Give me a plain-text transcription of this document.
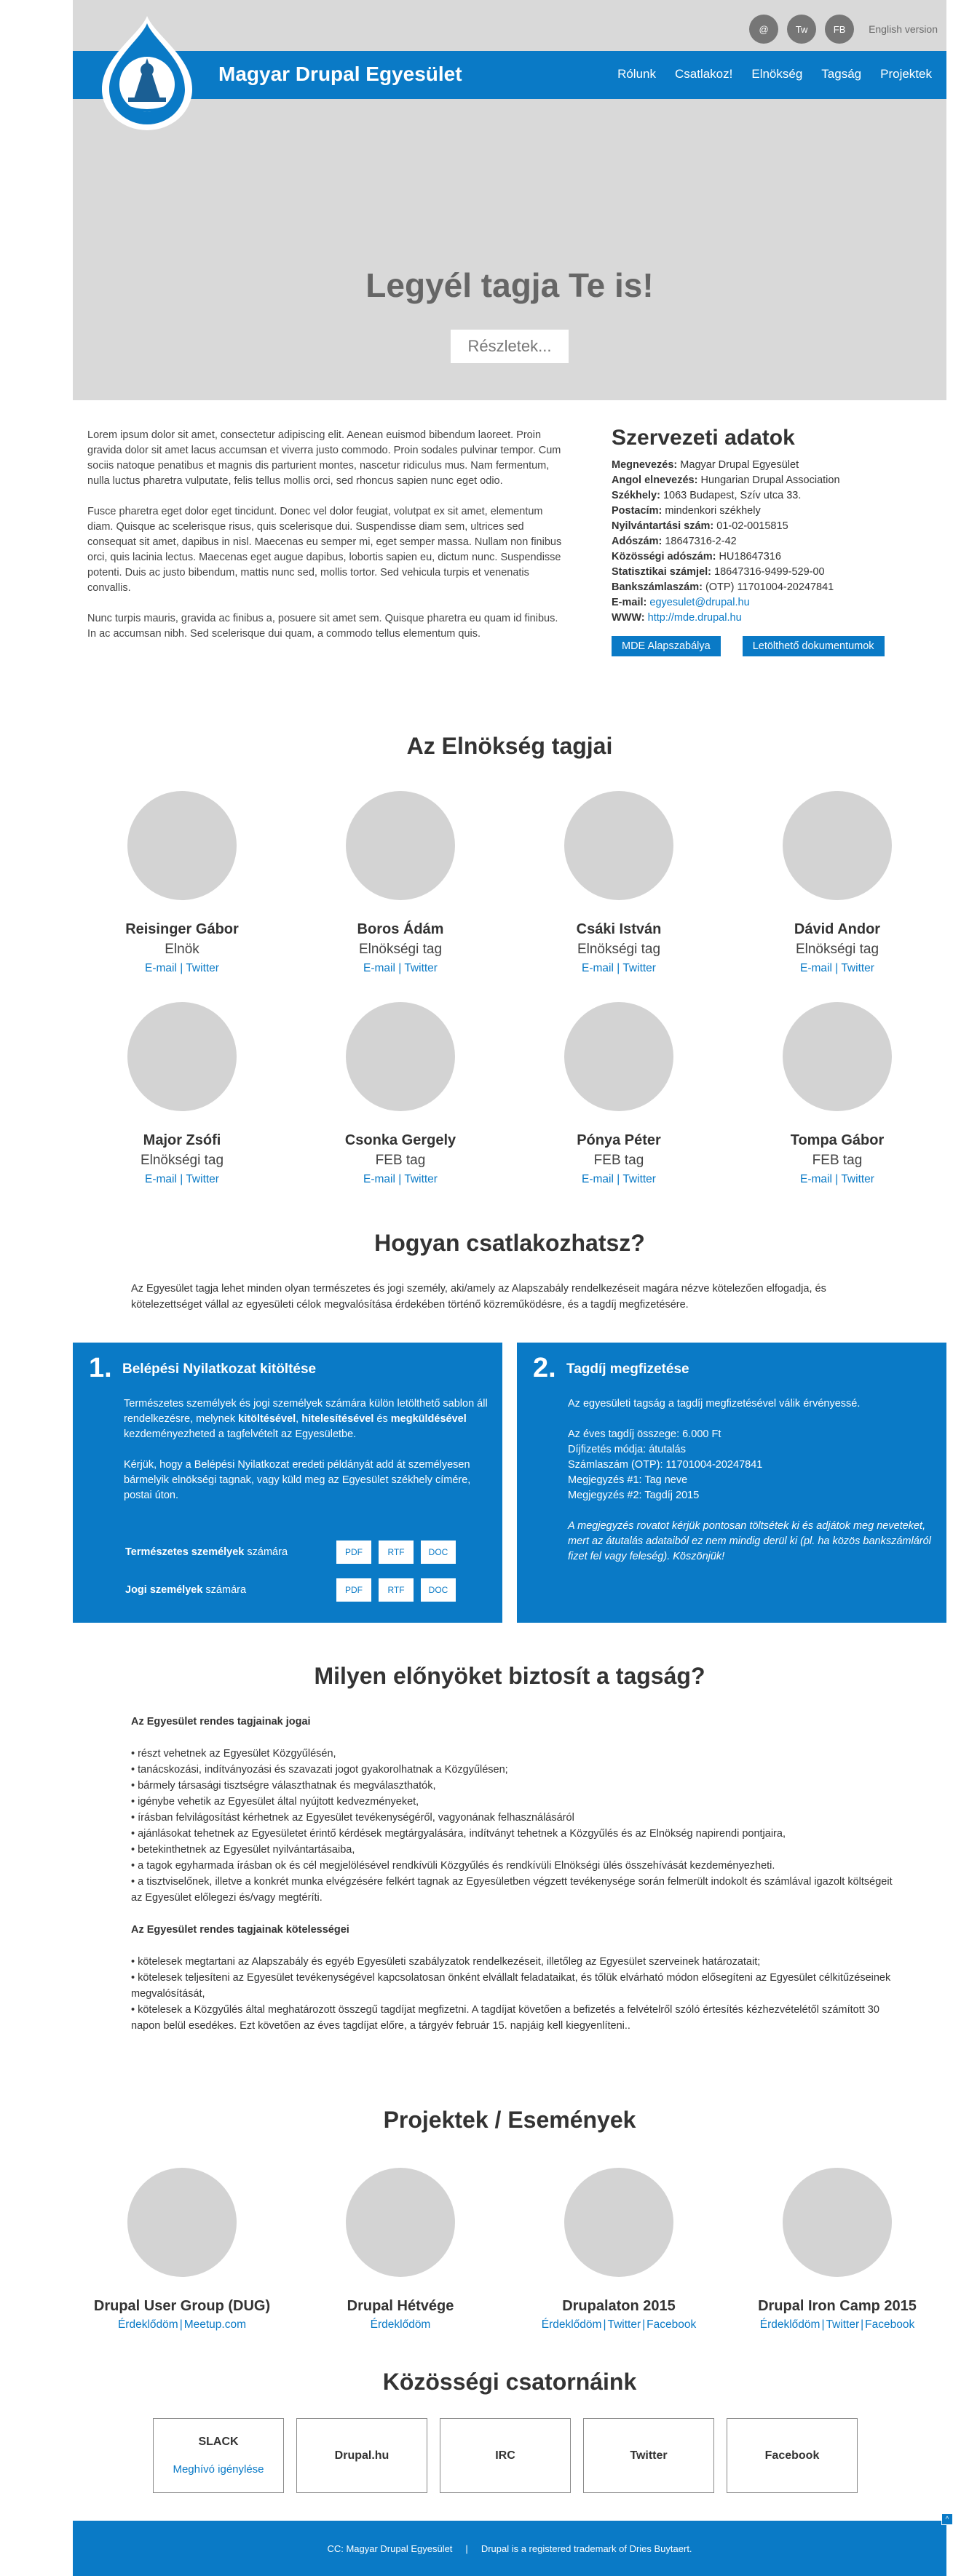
@	Tw	FB	English version
Magyar Drupal Egyesület	Rólunk Csatlakoz! Elnökség Tagság Projektek
Legyél tagja Te is!
Részletek...

Lorem ipsum dolor sit amet, consectetur adipiscing elit. Aenean euismod bibendum laoreet. Proin gravida dolor sit amet lacus accumsan et viverra justo commodo. Proin sodales pulvinar tempor. Cum sociis natoque penatibus et magnis dis parturient montes, nascetur ridiculus mus. Nam fermentum, nulla luctus pharetra vulputate, felis tellus mollis orci, sed rhoncus sapien nunc eget odio.

Fusce pharetra eget dolor eget tincidunt. Donec vel dolor feugiat, volutpat ex sit amet, elementum diam. Quisque ac scelerisque risus, quis scelerisque dui. Suspendisse diam sem, ultrices sed consequat sit amet, dapibus in nisl. Maecenas eu semper mi, eget semper massa. Nullam non finibus orci, quis lacinia lectus. Maecenas eget augue dapibus, lobortis sapien eu, dictum nunc. Suspendisse potenti. Duis ac justo bibendum, mattis nunc sed, mollis tortor. Sed vehicula turpis et venenatis convallis.

Nunc turpis mauris, gravida ac finibus a, posuere sit amet sem. Quisque pharetra eu quam id finibus. In ac accumsan nibh. Sed scelerisque dui quam, a commodo tellus elementum quis.

Szervezeti adatok
Megnevezés: Magyar Drupal Egyesület
Angol elnevezés: Hungarian Drupal Association
Székhely: 1063 Budapest, Szív utca 33.
Postacím: mindenkori székhely
Nyilvántartási szám: 01-02-0015815
Adószám: 18647316-2-42
Közösségi adószám: HU18647316
Statisztikai számjel: 18647316-9499-529-00
Bankszámlaszám: (OTP) 11701004-20247841
E-mail: egyesulet@drupal.hu
WWW: http://mde.drupal.hu
MDE Alapszabálya	Letölthető dokumentumok
Az Elnökség tagjai
Reisinger Gábor
Elnök
E-mail | Twitter
Boros Ádám
Elnökségi tag
E-mail | Twitter
Csáki István
Elnökségi tag
E-mail | Twitter
Dávid Andor
Elnökségi tag
E-mail | Twitter
Major Zsófi
Elnökségi tag
E-mail | Twitter
Csonka Gergely
FEB tag
E-mail | Twitter
Pónya Péter
FEB tag
E-mail | Twitter
Tompa Gábor
FEB tag
E-mail | Twitter
Hogyan csatlakozhatsz?
Az Egyesület tagja lehet minden olyan természetes és jogi személy, aki/amely az Alapszabály rendelkezéseit magára nézve kötelezően elfogadja, és kötelezettséget vállal az egyesületi célok megvalósítása érdekében történő közreműködésre, és a tagdíj megfizetésére.
1. Belépési Nyilatkozat kitöltése

Természetes személyek és jogi személyek számára külön letölthető sablon áll rendelkezésre, melynek kitöltésével, hitelesítésével és megküldésével kezdeményezheted a tagfelvételt az Egyesületbe.

Kérjük, hogy a Belépési Nyilatkozat eredeti példányát add át személyesen bármelyik elnökségi tagnak, vagy küld meg az Egyesület székhely címére, postai úton.

Természetes személyek számára	PDF	RTF	DOC
Jogi személyek számára	PDF	RTF	DOC
2. Tagdíj megfizetése

Az egyesületi tagság a tagdíj megfizetésével válik érvényessé.

Az éves tagdíj összege: 6.000 Ft
Díjfizetés módja: átutalás
Számlaszám (OTP): 11701004-20247841
Megjegyzés #1: Tag neve
Megjegyzés #2: Tagdíj 2015

A megjegyzés rovatot kérjük pontosan töltsétek ki és adjátok meg neveteket, mert az átutalás adataiból ez nem mindig derül ki (pl. ha közös bankszámláról fizet fel vagy feleség). Köszönjük!

Milyen előnyöket biztosít a tagság?
Az Egyesület rendes tagjainak jogai
• részt vehetnek az Egyesület Közgyűlésén,
• tanácskozási, indítványozási és szavazati jogot gyakorolhatnak a Közgyűlésen;
• bármely társasági tisztségre választhatnak és megválaszthatók,
• igénybe vehetik az Egyesület által nyújtott kedvezményeket,
• írásban felvilágosítást kérhetnek az Egyesület tevékenységéről, vagyonának felhasználásáról
• ajánlásokat tehetnek az Egyesületet érintő kérdések megtárgyalására, indítványt tehetnek a Közgyűlés és az Elnökség napirendi pontjaira,
• betekinthetnek az Egyesület nyilvántartásaiba,
• a tagok egyharmada írásban ok és cél megjelölésével rendkívüli Közgyűlés és rendkívüli Elnökségi ülés összehívását kezdeményezheti.
• a tisztviselőnek, illetve a konkrét munka elvégzésére felkért tagnak az Egyesületben végzett tevékenysége során felmerült indokolt és számlával igazolt költségeit az Egyesület előlegezi és/vagy megtéríti.
Az Egyesület rendes tagjainak kötelességei
• kötelesek megtartani az Alapszabály és egyéb Egyesületi szabályzatok rendelkezéseit, illetőleg az Egyesület szerveinek határozatait;
• kötelesek teljesíteni az Egyesület tevékenységével kapcsolatosan önként elvállalt feladataikat, és tőlük elvárható módon elősegíteni az Egyesület célkitűzéseinek megvalósítását,
• kötelesek a Közgyűlés által meghatározott összegű tagdíjat megfizetni. A tagdíjat követően a befizetés a felvételről szóló értesítés kézhezvételétől számított 30 napon belül esedékes. Ezt követően az éves tagdíjat előre, a tárgyév február 15. napjáig kell kiegyenlíteni..
Projektek / Események
Drupal User Group (DUG)
Érdeklődöm | Meetup.com
Drupal Hétvége
Érdeklődöm
Drupalaton 2015
Érdeklődöm | Twitter | Facebook
Drupal Iron Camp 2015
Érdeklődöm | Twitter | Facebook
Közösségi csatornáink
SLACK
Meghívó igénylése
Drupal.hu	IRC	Twitter	Facebook
CC: Magyar Drupal Egyesület | Drupal is a registered trademark of Dries Buytaert.
^
